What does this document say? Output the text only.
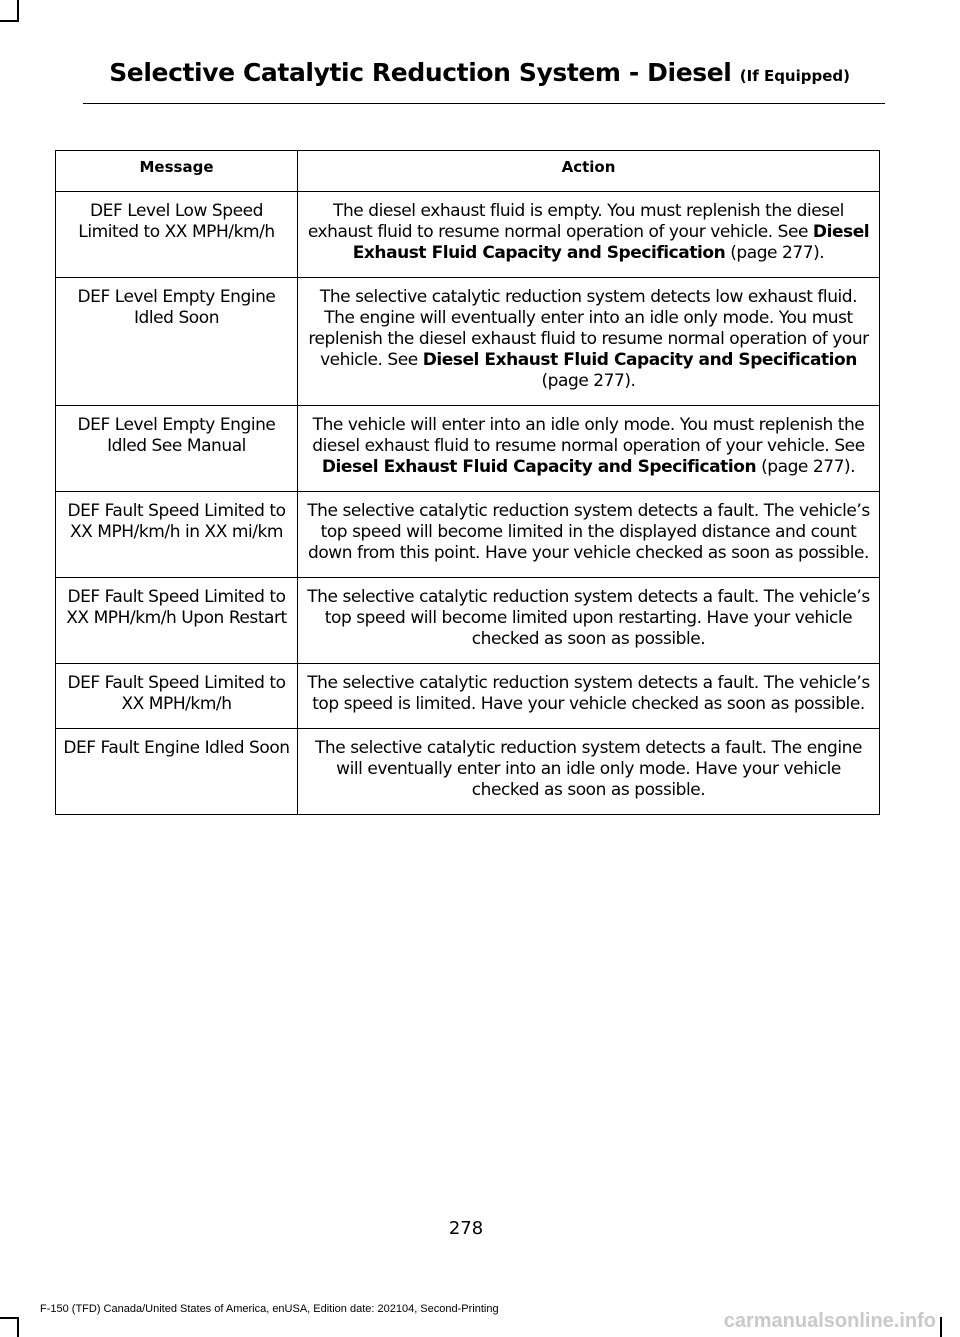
Selective Catalytic Reduction System - Diesel (If Equipped)
Message	Action
DEF Level Low Speed Limited to XX MPH/km/h	The diesel exhaust fluid is empty. You must replenish the diesel exhaust fluid to resume normal operation of your vehicle. See Diesel Exhaust Fluid Capacity and Specification (page 277).
DEF Level Empty Engine Idled Soon	The selective catalytic reduction system detects low exhaust fluid. The engine will eventually enter into an idle only mode. You must replenish the diesel exhaust fluid to resume normal operation of your vehicle. See Diesel Exhaust Fluid Capacity and Specification (page 277).
DEF Level Empty Engine Idled See Manual	The vehicle will enter into an idle only mode. You must replenish the diesel exhaust fluid to resume normal operation of your vehicle. See Diesel Exhaust Fluid Capacity and Specification (page 277).
DEF Fault Speed Limited to XX MPH/km/h in XX mi/km	The selective catalytic reduction system detects a fault. The vehicle’s top speed will become limited in the displayed distance and count down from this point. Have your vehicle checked as soon as possible.
DEF Fault Speed Limited to XX MPH/km/h Upon Restart	The selective catalytic reduction system detects a fault. The vehicle’s top speed will become limited upon restarting. Have your vehicle checked as soon as possible.
DEF Fault Speed Limited to XX MPH/km/h	The selective catalytic reduction system detects a fault. The vehicle’s top speed is limited. Have your vehicle checked as soon as possible.
DEF Fault Engine Idled Soon	The selective catalytic reduction system detects a fault. The engine will eventually enter into an idle only mode. Have your vehicle checked as soon as possible.
278
F-150 (TFD) Canada/United States of America, enUSA, Edition date: 202104, Second-Printing
carmanualsonline.info
